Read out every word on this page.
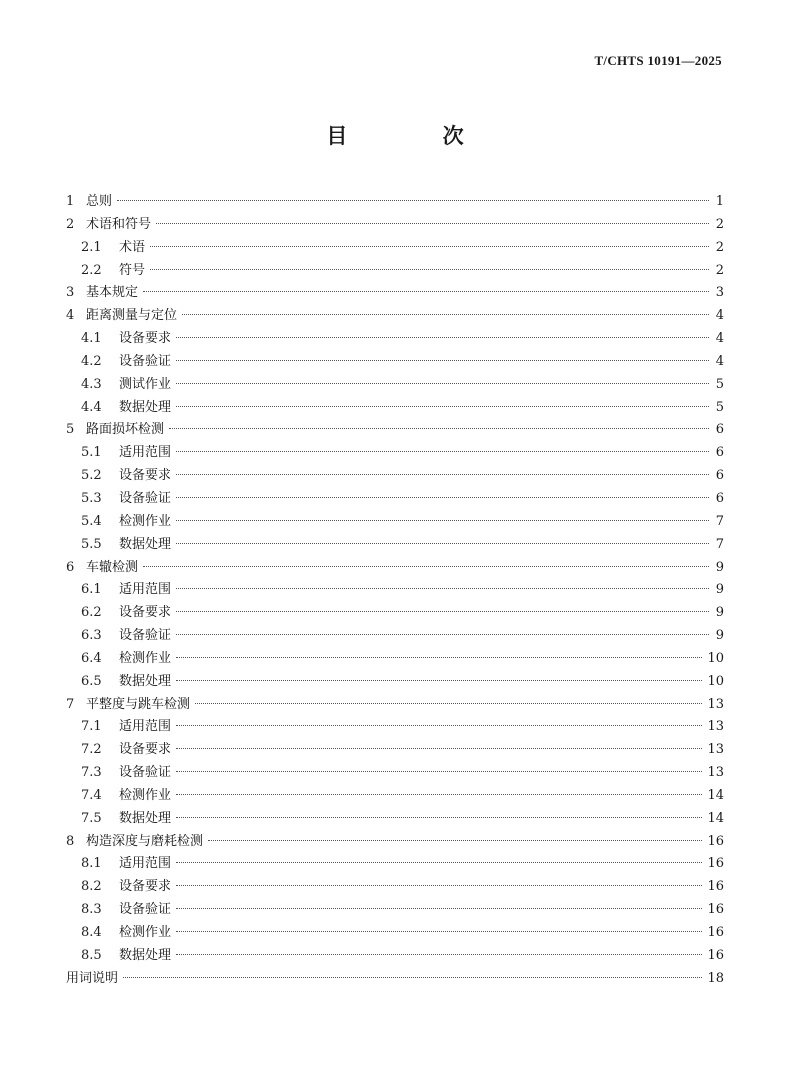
T/CHTS 10191—2025
目 次
1 总则	1
2 术语和符号	2
2.1	术语	2
2.2	符号	2
3 基本规定	3
4 距离测量与定位	4
4.1	设备要求	4
4.2	设备验证	4
4.3	测试作业	5
4.4	数据处理	5
5 路面损坏检测	6
5.1	适用范围	6
5.2	设备要求	6
5.3	设备验证	6
5.4	检测作业	7
5.5	数据处理	7
6 车辙检测	9
6.1	适用范围	9
6.2	设备要求	9
6.3	设备验证	9
6.4	检测作业	10
6.5	数据处理	10
7 平整度与跳车检测	13
7.1	适用范围	13
7.2	设备要求	13
7.3	设备验证	13
7.4	检测作业	14
7.5	数据处理	14
8 构造深度与磨耗检测	16
8.1	适用范围	16
8.2	设备要求	16
8.3	设备验证	16
8.4	检测作业	16
8.5	数据处理	16
用词说明	18
